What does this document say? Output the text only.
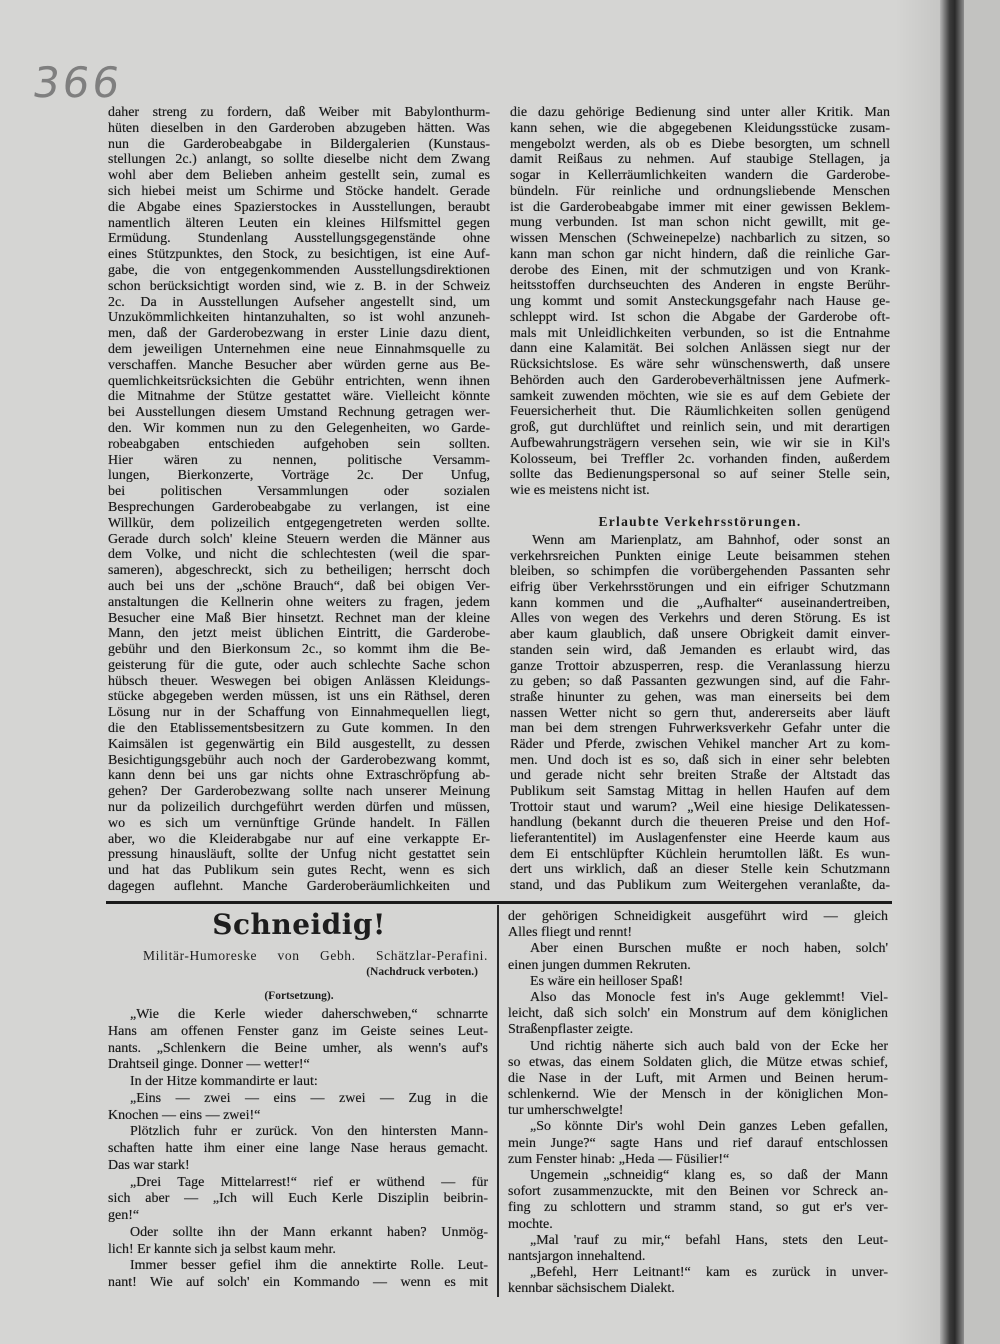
366
daher streng zu fordern, daß Weiber mit Babylonthurm-
hüten dieselben in den Garderoben abzugeben hätten. Was
nun die Garderobeabgabe in Bildergalerien (Kunstaus-
stellungen 2c.) anlangt, so sollte dieselbe nicht dem Zwang
wohl aber dem Belieben anheim gestellt sein, zumal es
sich hiebei meist um Schirme und Stöcke handelt. Gerade
die Abgabe eines Spazierstockes in Ausstellungen, beraubt
namentlich älteren Leuten ein kleines Hilfsmittel gegen
Ermüdung. Stundenlang Ausstellungsgegenstände ohne
eines Stützpunktes, den Stock, zu besichtigen, ist eine Auf-
gabe, die von entgegenkommenden Ausstellungsdirektionen
schon berücksichtigt worden sind, wie z. B. in der Schweiz
2c. Da in Ausstellungen Aufseher angestellt sind, um
Unzukömmlichkeiten hintanzuhalten, so ist wohl anzuneh-
men, daß der Garderobezwang in erster Linie dazu dient,
dem jeweiligen Unternehmen eine neue Einnahmsquelle zu
verschaffen. Manche Besucher aber würden gerne aus Be-
quemlichkeitsrücksichten die Gebühr entrichten, wenn ihnen
die Mitnahme der Stütze gestattet wäre. Vielleicht könnte
bei Ausstellungen diesem Umstand Rechnung getragen wer-
den. Wir kommen nun zu den Gelegenheiten, wo Garde-
robeabgaben entschieden aufgehoben sein sollten.
Hier wären zu nennen, politische Versamm-
lungen, Bierkonzerte, Vorträge 2c. Der Unfug,
bei politischen Versammlungen oder sozialen
Besprechungen Garderobeabgabe zu verlangen, ist eine
Willkür, dem polizeilich entgegengetreten werden sollte.
Gerade durch solch' kleine Steuern werden die Männer aus
dem Volke, und nicht die schlechtesten (weil die spar-
sameren), abgeschreckt, sich zu betheiligen; herrscht doch
auch bei uns der „schöne Brauch“, daß bei obigen Ver-
anstaltungen die Kellnerin ohne weiters zu fragen, jedem
Besucher eine Maß Bier hinsetzt. Rechnet man der kleine
Mann, den jetzt meist üblichen Eintritt, die Garderobe-
gebühr und den Bierkonsum 2c., so kommt ihm die Be-
geisterung für die gute, oder auch schlechte Sache schon
hübsch theuer. Weswegen bei obigen Anlässen Kleidungs-
stücke abgegeben werden müssen, ist uns ein Räthsel, deren
Lösung nur in der Schaffung von Einnahmequellen liegt,
die den Etablissementsbesitzern zu Gute kommen. In den
Kaimsälen ist gegenwärtig ein Bild ausgestellt, zu dessen
Besichtigungsgebühr auch noch der Garderobezwang kommt,
kann denn bei uns gar nichts ohne Extraschröpfung ab-
gehen? Der Garderobezwang sollte nach unserer Meinung
nur da polizeilich durchgeführt werden dürfen und müssen,
wo es sich um vernünftige Gründe handelt. In Fällen
aber, wo die Kleiderabgabe nur auf eine verkappte Er-
pressung hinausläuft, sollte der Unfug nicht gestattet sein
und hat das Publikum sein gutes Recht, wenn es sich
dagegen auflehnt. Manche Garderoberäumlichkeiten und
die dazu gehörige Bedienung sind unter aller Kritik. Man
kann sehen, wie die abgegebenen Kleidungsstücke zusam-
mengebolzt werden, als ob es Diebe besorgten, um schnell
damit Reißaus zu nehmen. Auf staubige Stellagen, ja
sogar in Kellerräumlichkeiten wandern die Garderobe-
bündeln. Für reinliche und ordnungsliebende Menschen
ist die Garderobeabgabe immer mit einer gewissen Beklem-
mung verbunden. Ist man schon nicht gewillt, mit ge-
wissen Menschen (Schweinepelze) nachbarlich zu sitzen, so
kann man schon gar nicht hindern, daß die reinliche Gar-
derobe des Einen, mit der schmutzigen und von Krank-
heitsstoffen durchseuchten des Anderen in engste Berühr-
ung kommt und somit Ansteckungsgefahr nach Hause ge-
schleppt wird. Ist schon die Abgabe der Garderobe oft-
mals mit Unleidlichkeiten verbunden, so ist die Entnahme
dann eine Kalamität. Bei solchen Anlässen siegt nur der
Rücksichtslose. Es wäre sehr wünschenswerth, daß unsere
Behörden auch den Garderobeverhältnissen jene Aufmerk-
samkeit zuwenden möchten, wie sie es auf dem Gebiete der
Feuersicherheit thut. Die Räumlichkeiten sollen genügend
groß, gut durchlüftet und reinlich sein, und mit derartigen
Aufbewahrungsträgern versehen sein, wie wir sie in Kil's
Kolosseum, bei Treffler 2c. vorhanden finden, außerdem
sollte das Bedienungspersonal so auf seiner Stelle sein,
wie es meistens nicht ist.
Erlaubte Verkehrsstörungen.
Wenn am Marienplatz, am Bahnhof, oder sonst an
verkehrsreichen Punkten einige Leute beisammen stehen
bleiben, so schimpfen die vorübergehenden Passanten sehr
eifrig über Verkehrsstörungen und ein eifriger Schutzmann
kann kommen und die „Aufhalter“ auseinandertreiben,
Alles von wegen des Verkehrs und deren Störung. Es ist
aber kaum glaublich, daß unsere Obrigkeit damit einver-
standen sein wird, daß Jemanden es erlaubt wird, das
ganze Trottoir abzusperren, resp. die Veranlassung hierzu
zu geben; so daß Passanten gezwungen sind, auf die Fahr-
straße hinunter zu gehen, was man einerseits bei dem
nassen Wetter nicht so gern thut, andererseits aber läuft
man bei dem strengen Fuhrwerksverkehr Gefahr unter die
Räder und Pferde, zwischen Vehikel mancher Art zu kom-
men. Und doch ist es so, daß sich in einer sehr belebten
und gerade nicht sehr breiten Straße der Altstadt das
Publikum seit Samstag Mittag in hellen Haufen auf dem
Trottoir staut und warum? „Weil eine hiesige Delikatessen-
handlung (bekannt durch die theueren Preise und den Hof-
lieferantentitel) im Auslagenfenster eine Heerde kaum aus
dem Ei entschlüpfter Küchlein herumtollen läßt. Es wun-
dert uns wirklich, daß an dieser Stelle kein Schutzmann
stand, und das Publikum zum Weitergehen veranlaßte, da-
Schneidig!
Militär-Humoreske von Gebh. Schätzlar-Perafini.
(Nachdruck verboten.)
(Fortsetzung).
„Wie die Kerle wieder daherschweben,“ schnarrte
Hans am offenen Fenster ganz im Geiste seines Leut-
nants. „Schlenkern die Beine umher, als wenn's auf's
Drahtseil ginge. Donner — wetter!“
In der Hitze kommandirte er laut:
„Eins — zwei — eins — zwei — Zug in die
Knochen — eins — zwei!“
Plötzlich fuhr er zurück. Von den hintersten Mann-
schaften hatte ihm einer eine lange Nase heraus gemacht.
Das war stark!
„Drei Tage Mittelarrest!“ rief er wüthend — für
sich aber — „Ich will Euch Kerle Disziplin beibrin-
gen!“
Oder sollte ihn der Mann erkannt haben? Unmög-
lich! Er kannte sich ja selbst kaum mehr.
Immer besser gefiel ihm die annektirte Rolle. Leut-
nant! Wie auf solch' ein Kommando — wenn es mit
der gehörigen Schneidigkeit ausgeführt wird — gleich
Alles fliegt und rennt!
Aber einen Burschen mußte er noch haben, solch'
einen jungen dummen Rekruten.
Es wäre ein heilloser Spaß!
Also das Monocle fest in's Auge geklemmt! Viel-
leicht, daß sich solch' ein Monstrum auf dem königlichen
Straßenpflaster zeigte.
Und richtig näherte sich auch bald von der Ecke her
so etwas, das einem Soldaten glich, die Mütze etwas schief,
die Nase in der Luft, mit Armen und Beinen herum-
schlenkernd. Wie der Mensch in der königlichen Mon-
tur umherschwelgte!
„So könnte Dir's wohl Dein ganzes Leben gefallen,
mein Junge?“ sagte Hans und rief darauf entschlossen
zum Fenster hinab: „Heda — Füsilier!“
Ungemein „schneidig“ klang es, so daß der Mann
sofort zusammenzuckte, mit den Beinen vor Schreck an-
fing zu schlottern und stramm stand, so gut er's ver-
mochte.
„Mal 'rauf zu mir,“ befahl Hans, stets den Leut-
nantsjargon innehaltend.
„Befehl, Herr Leitnant!“ kam es zurück in unver-
kennbar sächsischem Dialekt.
